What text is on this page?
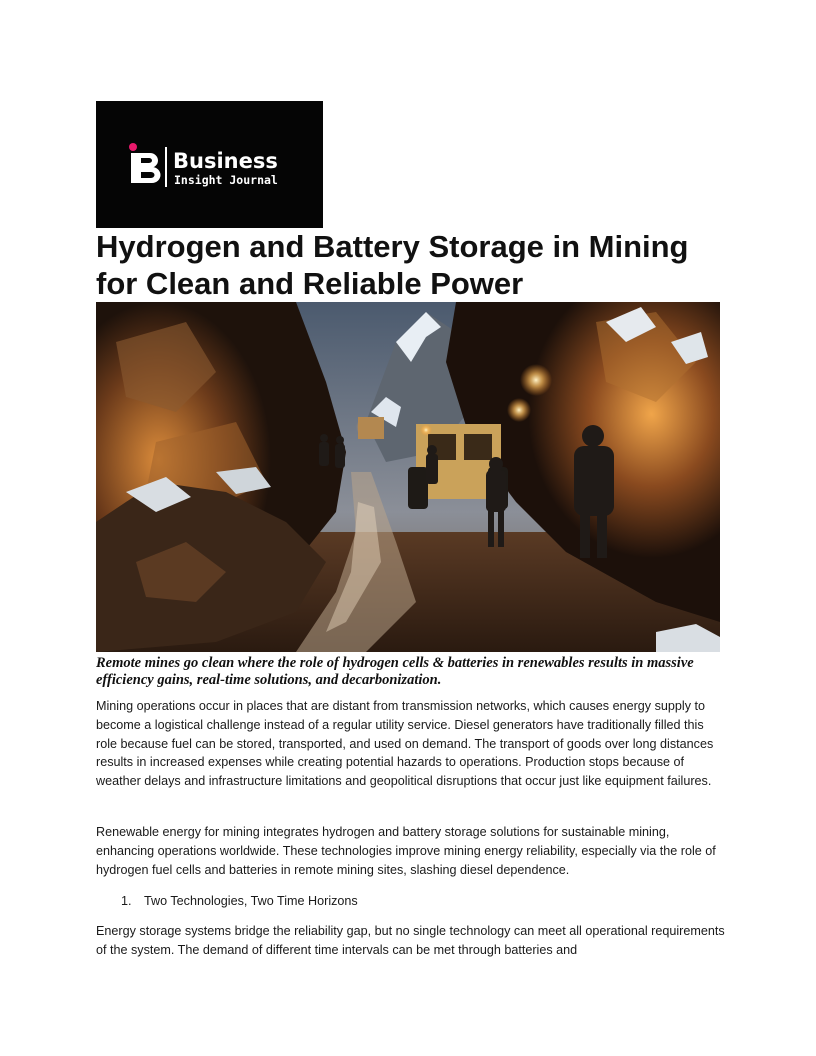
Business
Insight Journal
Hydrogen and Battery Storage in Mining for Clean and Reliable Power

Remote mines go clean where the role of hydrogen cells & batteries in renewables results in massive efficiency gains, real-time solutions, and decarbonization.

Mining operations occur in places that are distant from transmission networks, which causes energy supply to become a logistical challenge instead of a regular utility service. Diesel generators have traditionally filled this role because fuel can be stored, transported, and used on demand. The transport of goods over long distances results in increased expenses while creating potential hazards to operations. Production stops because of weather delays and infrastructure limitations and geopolitical disruptions that occur just like equipment failures.

Renewable energy for mining integrates hydrogen and battery storage solutions for sustainable mining, enhancing operations worldwide. These technologies improve mining energy reliability, especially via the role of hydrogen fuel cells and batteries in remote mining sites, slashing diesel dependence.

1. Two Technologies, Two Time Horizons

Energy storage systems bridge the reliability gap, but no single technology can meet all operational requirements of the system. The demand of different time intervals can be met through batteries and
